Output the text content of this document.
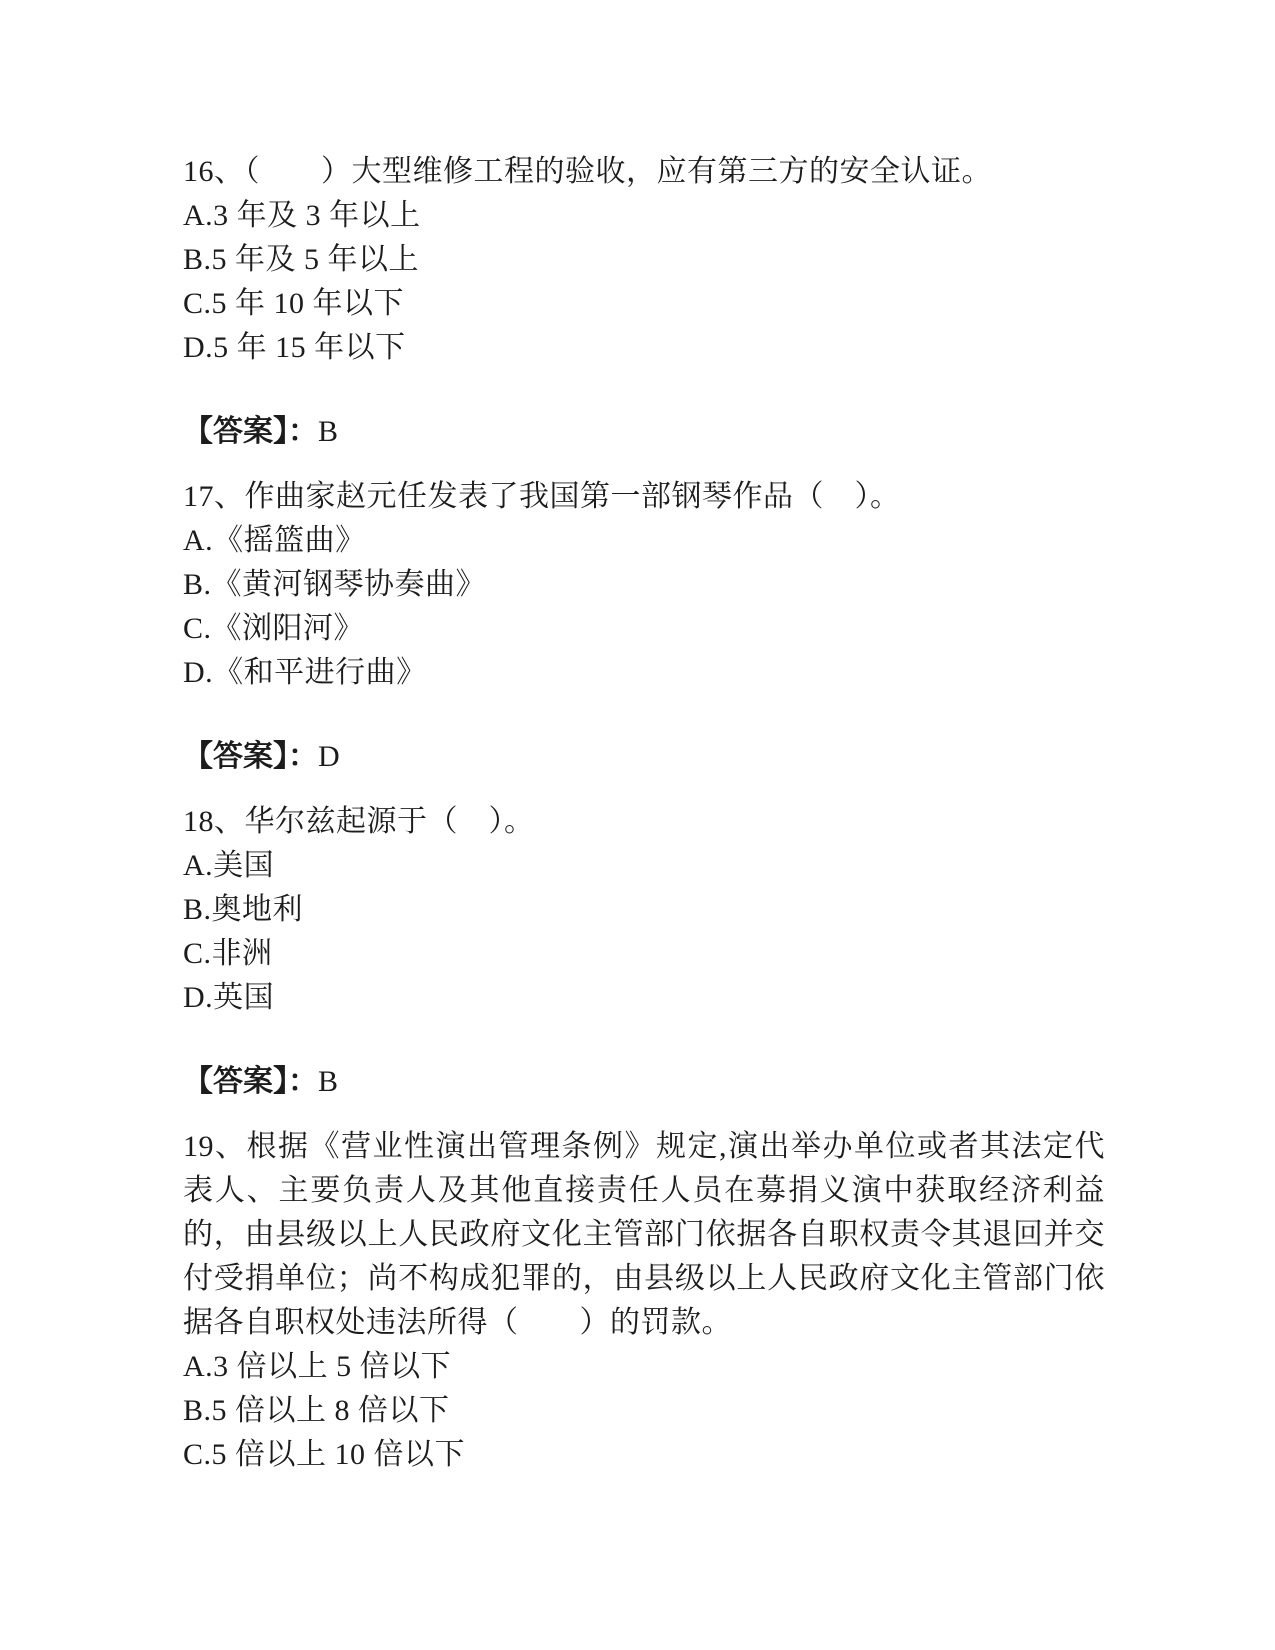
16、（　　）大型维修工程的验收，应有第三方的安全认证。

A.3 年及 3 年以上
B.5 年及 5 年以上
C.5 年 10 年以下
D.5 年 15 年以下

【答案】：B

17、作曲家赵元任发表了我国第一部钢琴作品（　）。

A.《摇篮曲》
B.《黄河钢琴协奏曲》
C.《浏阳河》
D.《和平进行曲》

【答案】：D

18、华尔兹起源于（　）。

A.美国
B.奥地利
C.非洲
D.英国

【答案】：B

19、根据《营业性演出管理条例》规定,演出举办单位或者其法定代表人、主要负责人及其他直接责任人员在募捐义演中获取经济利益的，由县级以上人民政府文化主管部门依据各自职权责令其退回并交付受捐单位；尚不构成犯罪的，由县级以上人民政府文化主管部门依据各自职权处违法所得（　　）的罚款。

A.3 倍以上 5 倍以下
B.5 倍以上 8 倍以下
C.5 倍以上 10 倍以下
